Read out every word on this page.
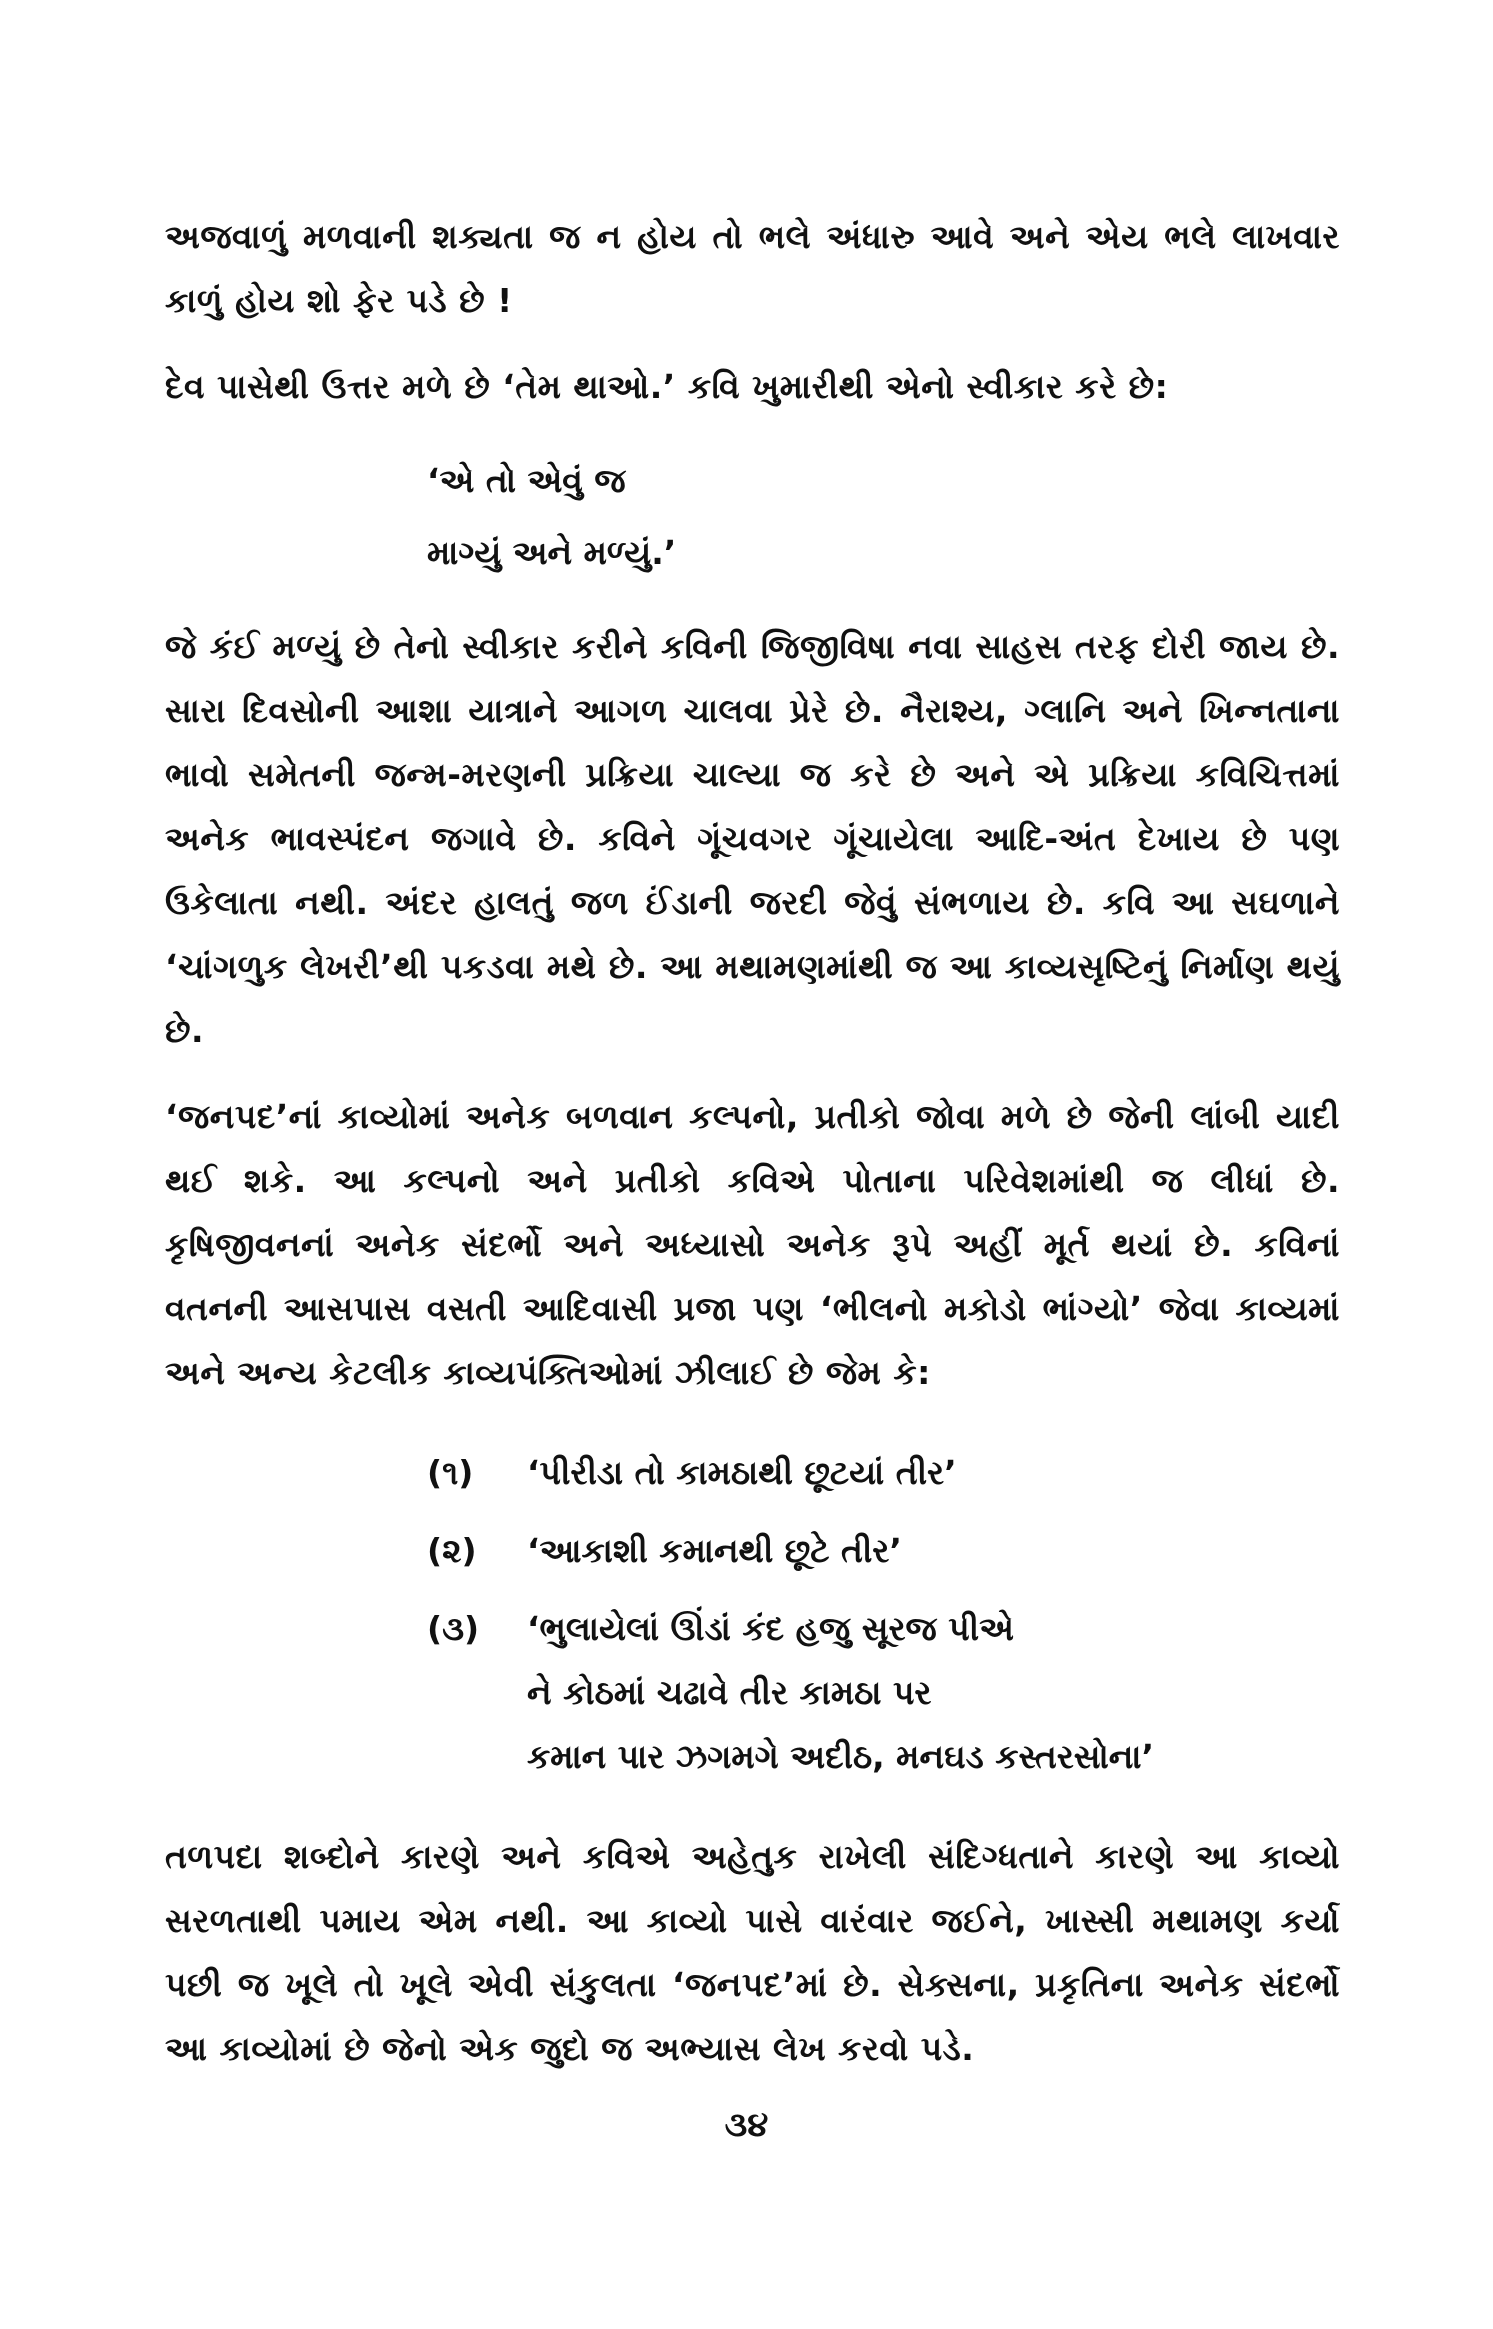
અજવાળું મળવાની શક્યતા જ ન હોય તો ભલે અંધારુ આવે અને એય ભલે લાખવાર કાળું હોય શો ફેર પડે છે !

દેવ પાસેથી ઉત્તર મળે છે ‘તેમ થાઓ.’ કવિ ખુમારીથી એનો સ્વીકાર કરે છે:

‘એ તો એવું જ
માગ્યું અને મળ્યું.’

જે કંઈ મળ્યું છે તેનો સ્વીકાર કરીને કવિની જિજીવિષા નવા સાહસ તરફ દોરી જાય છે. સારા દિવસોની આશા યાત્રાને આગળ ચાલવા પ્રેરે છે. નૈરાશ્ય, ગ્લાનિ અને ખિન્નતાના ભાવો સમેતની જન્મ-મરણની પ્રક્રિયા ચાલ્યા જ કરે છે અને એ પ્રક્રિયા કવિચિત્તમાં અનેક ભાવસ્પંદન જગાવે છે. કવિને ગૂંચવગર ગૂંચાયેલા આદિ-અંત દેખાય છે પણ ઉકેલાતા નથી. અંદર હાલતું જળ ઈંડાની જરદી જેવું સંભળાય છે. કવિ આ સઘળાને ‘ચાંગળુક લેખરી’થી પકડવા મથે છે. આ મથામણમાંથી જ આ કાવ્યસૃષ્ટિનું નિર્માણ થયું છે.

‘જનપદ’નાં કાવ્યોમાં અનેક બળવાન કલ્પનો, પ્રતીકો જોવા મળે છે જેની લાંબી યાદી થઈ શકે. આ કલ્પનો અને પ્રતીકો કવિએ પોતાના પરિવેશમાંથી જ લીધાં છે. કૃષિજીવનનાં અનેક સંદર્ભો અને અધ્યાસો અનેક રૂપે અહીં મૂર્ત થયાં છે. કવિનાં વતનની આસપાસ વસતી આદિવાસી પ્રજા પણ ‘ભીલનો મકોડો ભાંગ્યો’ જેવા કાવ્યમાં અને અન્ય કેટલીક કાવ્યપંક્તિઓમાં ઝીલાઈ છે જેમ કે:

(૧)	‘પીરીડા તો કામઠાથી છૂટયાં તીર’
(૨)	‘આકાશી કમાનથી છૂટે તીર’
(૩)	‘ભુલાયેલાં ઊંડાં કંદ હજુ સૂરજ પીએ
ને કોઠમાં ચઢાવે તીર કામઠા પર
કમાન પાર ઝગમગે અદીઠ, મનઘડ કસ્તરસોના’

તળપદા શબ્દોને કારણે અને કવિએ અહેતુક રાખેલી સંદિગ્ધતાને કારણે આ કાવ્યો સરળતાથી પમાય એમ નથી. આ કાવ્યો પાસે વારંવાર જઈને, ખાસ્સી મથામણ કર્યા પછી જ ખૂલે તો ખૂલે એવી સંકુલતા ‘જનપદ’માં છે. સેક્સના, પ્રકૃતિના અનેક સંદર્ભો આ કાવ્યોમાં છે જેનો એક જુદો જ અભ્યાસ લેખ કરવો પડે.

૩૪
